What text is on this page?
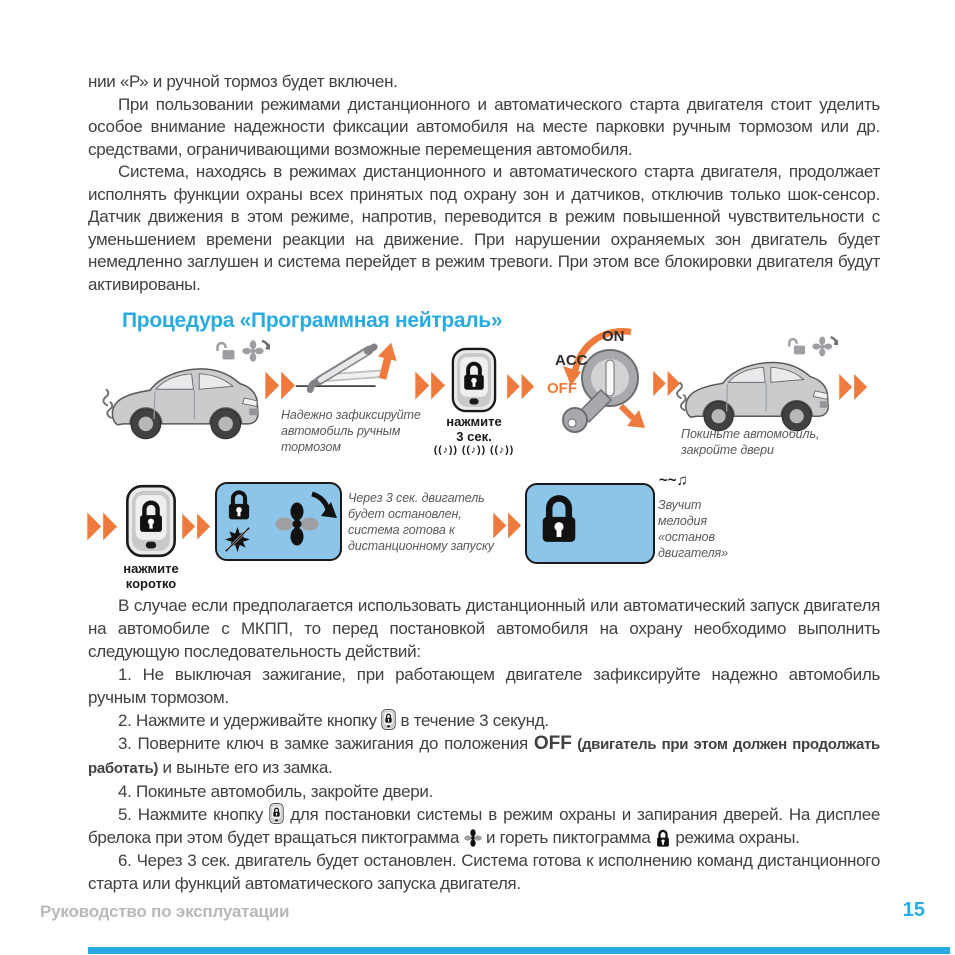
нии «Р» и ручной тормоз будет включен.

При пользовании режимами дистанционного и автоматического старта двигателя стоит уделить особое внимание надежности фиксации автомобиля на месте парковки ручным тормозом или др. средствами, ограничивающими возможные перемещения автомобиля.

Система, находясь в режимах дистанционного и автоматического старта двигателя, продолжает исполнять функции охраны всех принятых под охрану зон и датчиков, отключив только шок-сенсор. Датчик движения в этом режиме, напротив, переводится в режим повышенной чувствительности с уменьшением времени реакции на движение. При нарушении охраняемых зон двигатель будет немедленно заглушен и система перейдет в режим тревоги. При этом все блокировки двигателя будут активированы.

Процедура «Программная нейтраль»
Надежно зафиксируйте автомобиль ручным тормозом
нажмите
3 сек.
((♪)) ((♪)) ((♪))
ON
ACC
OFF
Покиньте автомобиль, закройте двери
нажмите
коротко
Через 3 сек. двигатель будет остановлен, система готова к дистанционному запуску
~~♫
Звучит мелодия «останов двигателя»

В случае если предполагается использовать дистанционный или автоматический запуск двигателя на автомобиле с МКПП, то перед постановкой автомобиля на охрану необходимо выполнить следующую последовательность действий:

1. Не выключая зажигание, при работающем двигателе зафиксируйте надежно автомобиль ручным тормозом.

2. Нажмите и удерживайте кнопку  в течение 3 секунд.

3. Поверните ключ в замке зажигания до положения OFF (двигатель при этом должен продолжать работать) и выньте его из замка.

4. Покиньте автомобиль, закройте двери.

5. Нажмите кнопку  для постановки системы в режим охраны и запирания дверей. На дисплее брелока при этом будет вращаться пиктограмма  и гореть пиктограмма  режима охраны.

6. Через 3 сек. двигатель будет остановлен. Система готова к исполнению команд дистанционного старта или функций автоматического запуска двигателя.

Руководство по эксплуатации	15
